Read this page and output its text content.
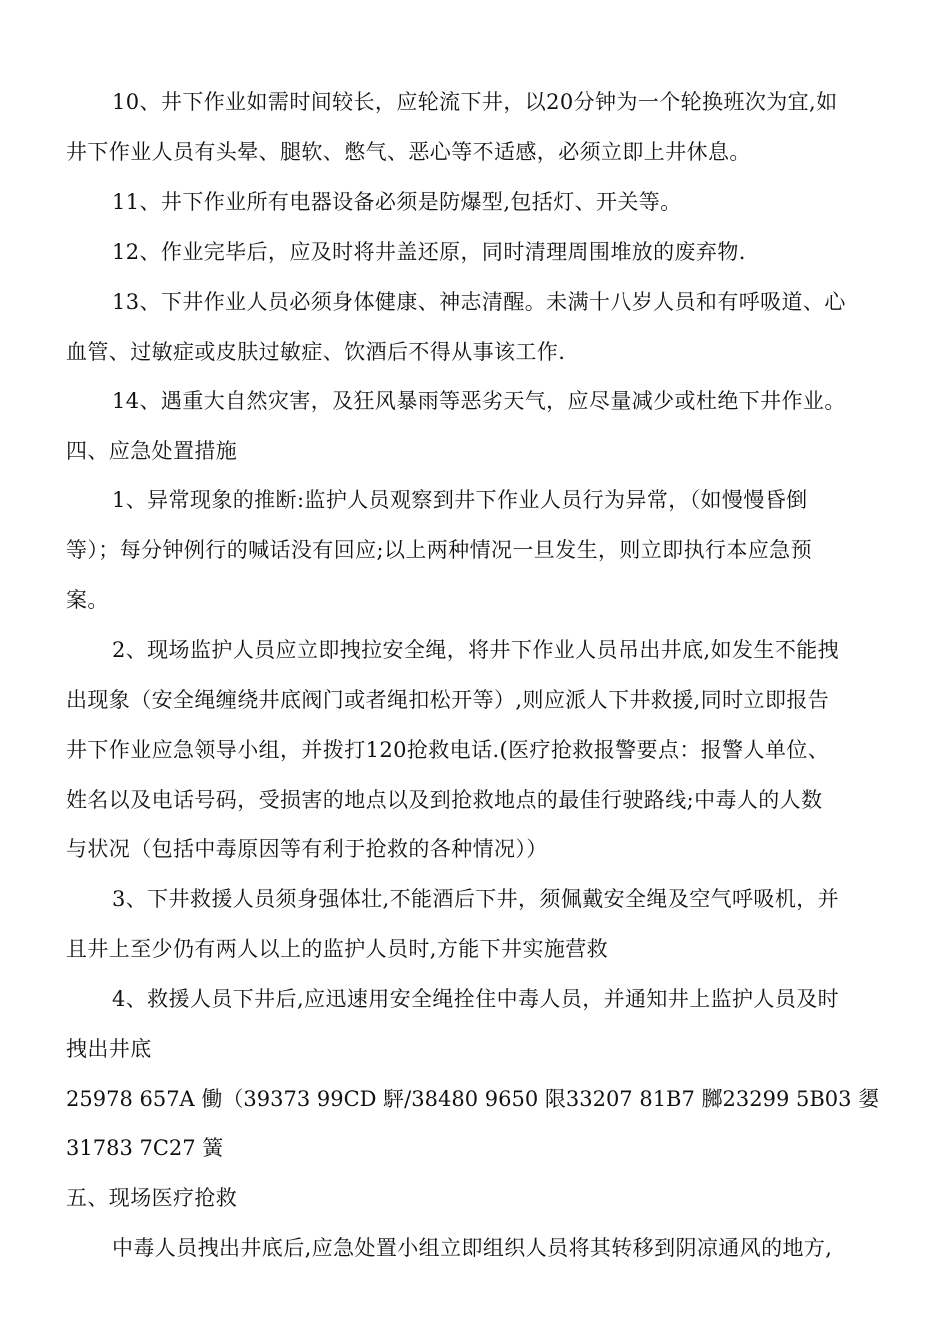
10、井下作业如需时间较长，应轮流下井，以20分钟为一个轮换班次为宜,如
井下作业人员有头晕、腿软、憋气、恶心等不适感，必须立即上井休息。
11、井下作业所有电器设备必须是防爆型,包括灯、开关等。
12、作业完毕后，应及时将井盖还原，同时清理周围堆放的废弃物.
13、下井作业人员必须身体健康、神志清醒。未满十八岁人员和有呼吸道、心
血管、过敏症或皮肤过敏症、饮酒后不得从事该工作.
14、遇重大自然灾害，及狂风暴雨等恶劣天气，应尽量减少或杜绝下井作业。
四、应急处置措施
1、异常现象的推断:监护人员观察到井下作业人员行为异常，（如慢慢昏倒
等）；每分钟例行的喊话没有回应;以上两种情况一旦发生，则立即执行本应急预
案。
2、现场监护人员应立即拽拉安全绳，将井下作业人员吊出井底,如发生不能拽
出现象（安全绳缠绕井底阀门或者绳扣松开等）,则应派人下井救援,同时立即报告
井下作业应急领导小组，并拨打120抢救电话.(医疗抢救报警要点：报警人单位、
姓名以及电话号码，受损害的地点以及到抢救地点的最佳行驶路线;中毒人的人数
与状况（包括中毒原因等有利于抢救的各种情况））
3、下井救援人员须身强体壮,不能酒后下井，须佩戴安全绳及空气呼吸机，并
且井上至少仍有两人以上的监护人员时,方能下井实施营救
4、救援人员下井后,应迅速用安全绳拴住中毒人员，并通知井上监护人员及时
拽出井底
25978 657A 働（39373 99CD 駍/38480 9650 限33207 81B7 膷23299 5B03 嬃
31783 7C27 簧
五、现场医疗抢救
中毒人员拽出井底后,应急处置小组立即组织人员将其转移到阴凉通风的地方,
